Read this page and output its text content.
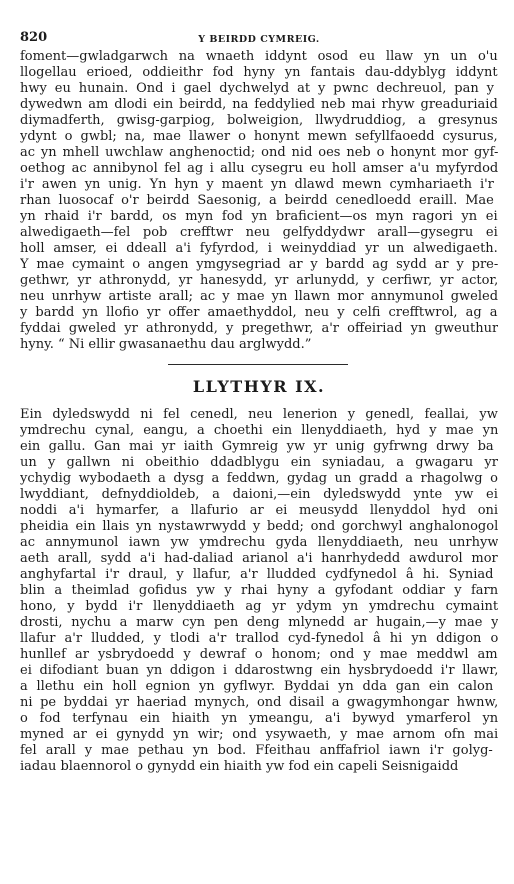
820	Y BEIRDD CYMREIG.
foment—gwladgarwch na wnaeth iddynt osod eu llaw yn un o'u
llogellau erioed, oddieithr fod hyny yn fantais dau-ddyblyg iddynt
hwy eu hunain. Ond i gael dychwelyd at y pwnc dechreuol, pan y
dywedwn am dlodi ein beirdd, na feddylied neb mai rhyw greaduriaid
diymadferth, gwisg-garpiog, bolweigion, llwydruddiog, a gresynus
ydynt o gwbl; na, mae llawer o honynt mewn sefyllfaoedd cysurus,
ac yn mhell uwchlaw anghenoctid; ond nid oes neb o honynt mor gyf-
oethog ac annibynol fel ag i allu cysegru eu holl amser a'u myfyrdod
i'r awen yn unig. Yn hyn y maent yn dlawd mewn cymhariaeth i'r
rhan luosocaf o'r beirdd Saesonig, a beirdd cenedloedd eraill. Mae
yn rhaid i'r bardd, os myn fod yn braficient—os myn ragori yn ei
alwedigaeth—fel pob crefftwr neu gelfyddydwr arall—gysegru ei
holl amser, ei ddeall a'i fyfyrdod, i weinyddiad yr un alwedigaeth.
Y mae cymaint o angen ymgysegriad ar y bardd ag sydd ar y pre-
gethwr, yr athronydd, yr hanesydd, yr arlunydd, y cerfiwr, yr actor,
neu unrhyw artiste arall; ac y mae yn llawn mor annymunol gweled
y bardd yn llofio yr offer amaethyddol, neu y celfi crefftwrol, ag a
fyddai gweled yr athronydd, y pregethwr, a'r offeiriad yn gweuthur
hyny. “ Ni ellir gwasanaethu dau arglwydd.”
LLYTHYR IX.
Ein dyledswydd ni fel cenedl, neu lenerion y genedl, feallai, yw
ymdrechu cynal, eangu, a choethi ein llenyddiaeth, hyd y mae yn
ein gallu. Gan mai yr iaith Gymreig yw yr unig gyfrwng drwy ba
un y gallwn ni obeithio ddadblygu ein syniadau, a gwagaru yr
ychydig wybodaeth a dysg a feddwn, gydag un gradd a rhagolwg o
lwyddiant, defnyddioldeb, a daioni,—ein dyledswydd ynte yw ei
noddi a'i hymarfer, a llafurio ar ei meusydd llenyddol hyd oni
pheidia ein llais yn nystawrwydd y bedd; ond gorchwyl anghalonogol
ac annymunol iawn yw ymdrechu gyda llenyddiaeth, neu unrhyw
aeth arall, sydd a'i had-daliad arianol a'i hanrhydedd awdurol mor
anghyfartal i'r draul, y llafur, a'r lludded cydfynedol â hi. Syniad
blin a theimlad gofidus yw y rhai hyny a gyfodant oddiar y farn
hono, y bydd i'r llenyddiaeth ag yr ydym yn ymdrechu cymaint
drosti, nychu a marw cyn pen deng mlynedd ar hugain,—y mae y
llafur a'r lludded, y tlodi a'r trallod cyd-fynedol â hi yn ddigon o
hunllef ar ysbrydoedd y dewraf o honom; ond y mae meddwl am
ei difodiant buan yn ddigon i ddarostwng ein hysbrydoedd i'r llawr,
a llethu ein holl egnion yn gyflwyr. Byddai yn dda gan ein calon
ni pe byddai yr haeriad mynych, ond disail a gwagymhongar hwnw,
o fod terfynau ein hiaith yn ymeangu, a'i bywyd ymarferol yn
myned ar ei gynydd yn wir; ond ysywaeth, y mae arnom ofn mai
fel arall y mae pethau yn bod. Ffeithau anffafriol iawn i'r golyg-
iadau blaennorol o gynydd ein hiaith yw fod ein capeli Seisnigaidd
